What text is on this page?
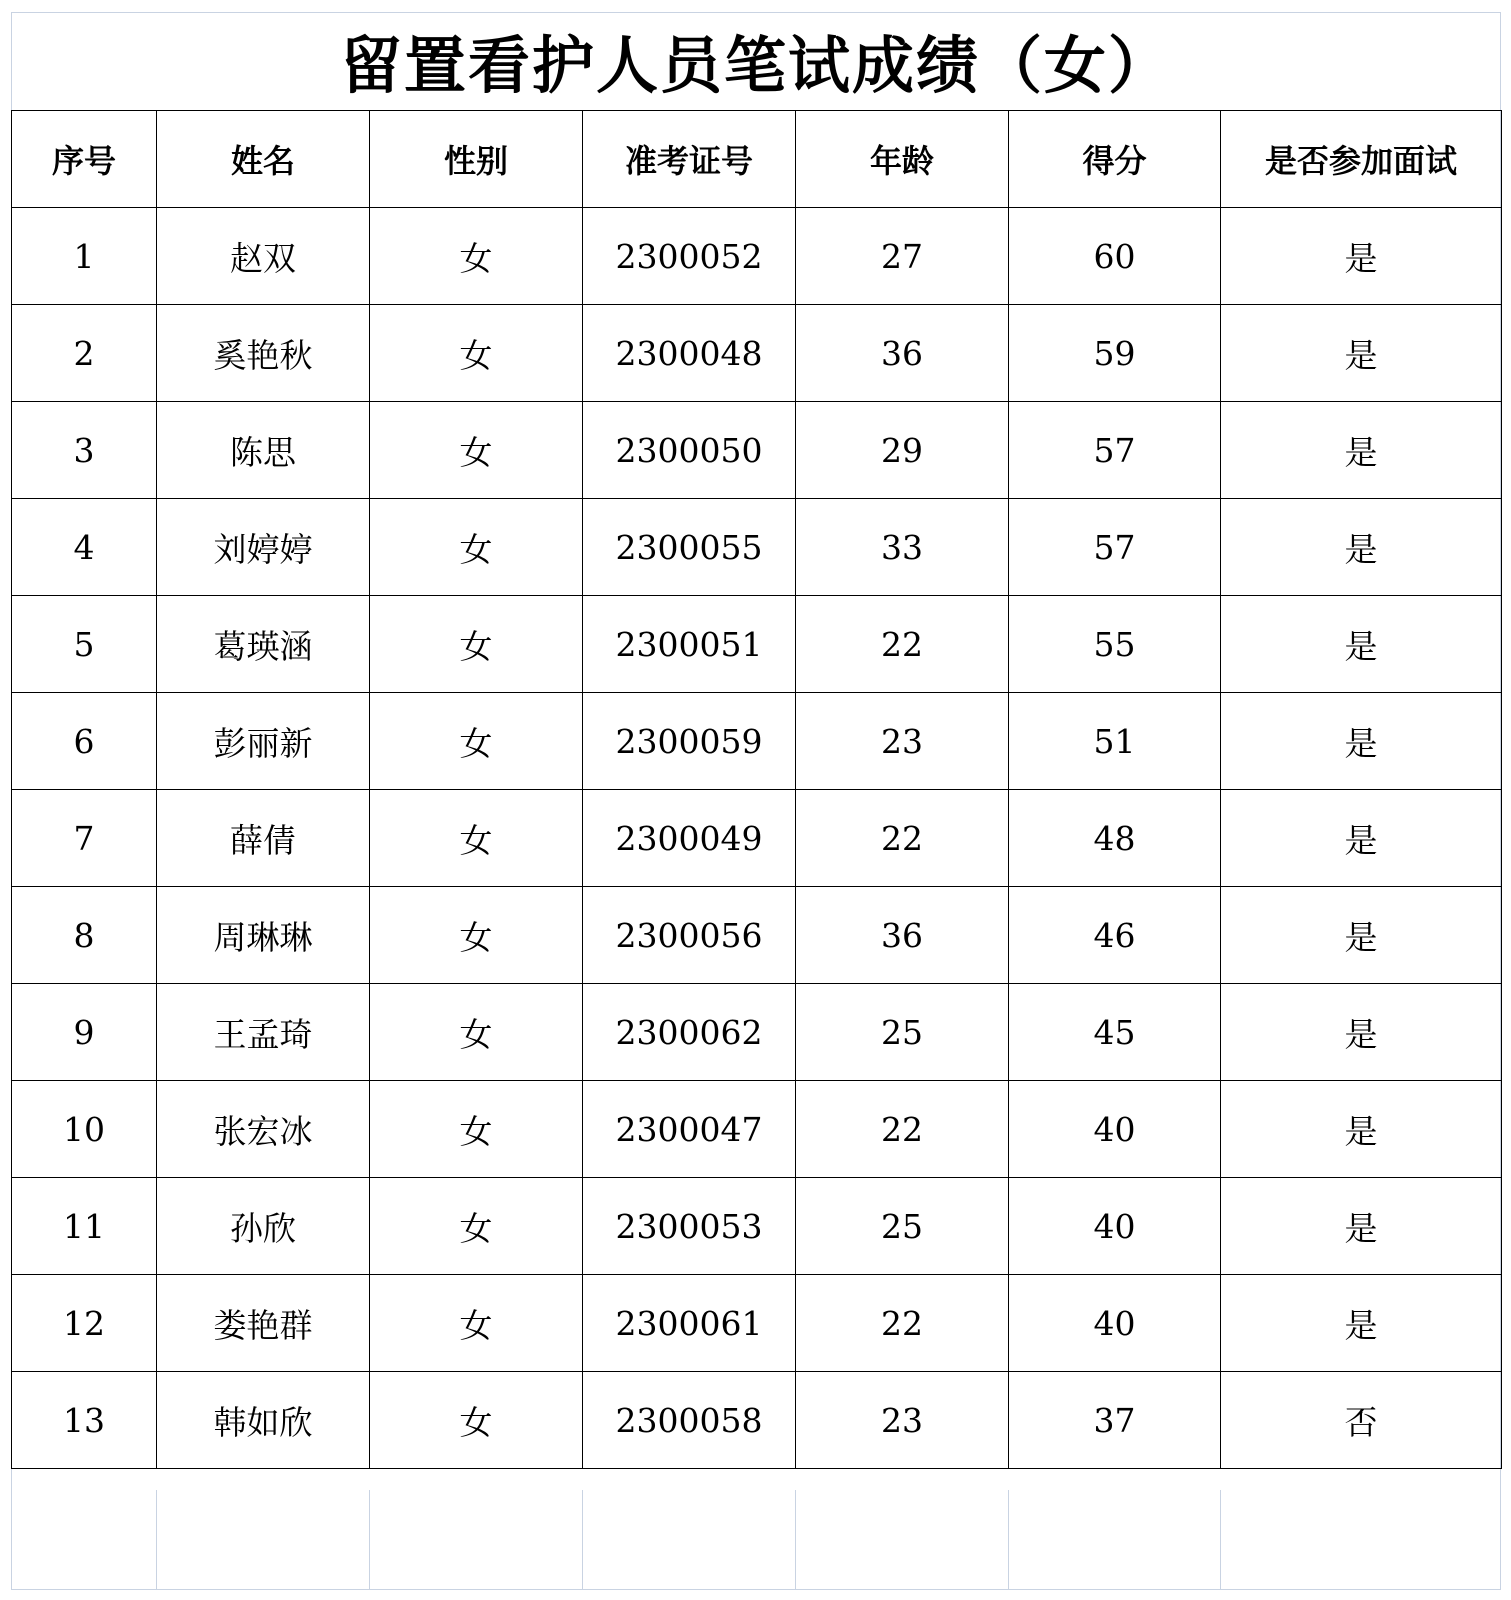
留置看护人员笔试成绩（女）
序号	姓名	性别	准考证号	年龄	得分	是否参加面试
1	赵双	女	2300052	27	60	是
2	奚艳秋	女	2300048	36	59	是
3	陈思	女	2300050	29	57	是
4	刘婷婷	女	2300055	33	57	是
5	葛瑛涵	女	2300051	22	55	是
6	彭丽新	女	2300059	23	51	是
7	薛倩	女	2300049	22	48	是
8	周琳琳	女	2300056	36	46	是
9	王孟琦	女	2300062	25	45	是
10	张宏冰	女	2300047	22	40	是
11	孙欣	女	2300053	25	40	是
12	娄艳群	女	2300061	22	40	是
13	韩如欣	女	2300058	23	37	否
